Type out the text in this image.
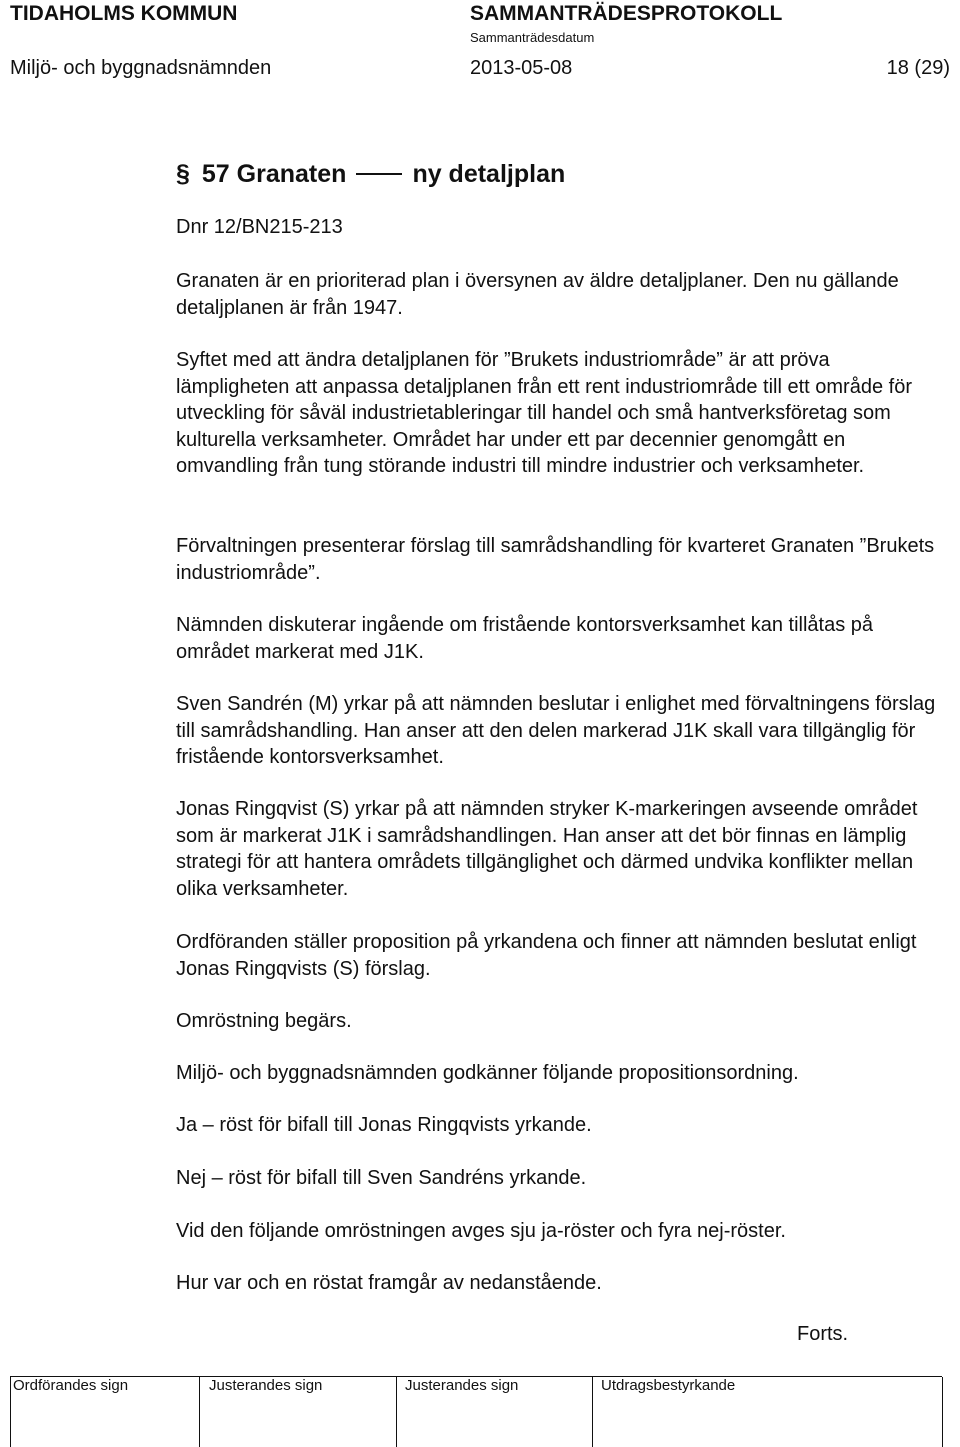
TIDAHOLMS KOMMUN	SAMMANTRÄDESPROTOKOLL
Sammanträdesdatum
Miljö- och byggnadsnämnden	2013-05-08	18 (29)
§ 57 Granaten	ny detaljplan
Dnr 12/BN215-213

Granaten är en prioriterad plan i översynen av äldre detaljplaner. Den nu gällande detaljplanen är från 1947.

Syftet med att ändra detaljplanen för ”Brukets industriområde” är att pröva lämpligheten att anpassa detaljplanen från ett rent industriområde till ett område för utveckling för såväl industrietableringar till handel och små hantverksföretag som kulturella verksamheter. Området har under ett par decennier genomgått en omvandling från tung störande industri till mindre industrier och verksamheter.

Förvaltningen presenterar förslag till samrådshandling för kvarteret Granaten ”Brukets industriområde”.

Nämnden diskuterar ingående om fristående kontorsverksamhet kan tillåtas på området markerat med J1K.

Sven Sandrén (M) yrkar på att nämnden beslutar i enlighet med förvaltningens förslag till samrådshandling. Han anser att den delen markerad J1K skall vara tillgänglig för fristående kontorsverksamhet.

Jonas Ringqvist (S) yrkar på att nämnden stryker K-markeringen avseende området som är markerat J1K i samrådshandlingen. Han anser att det bör finnas en lämplig strategi för att hantera områdets tillgänglighet och därmed undvika konflikter mellan olika verksamheter.

Ordföranden ställer proposition på yrkandena och finner att nämnden beslutat enligt Jonas Ringqvists (S) förslag.

Omröstning begärs.

Miljö- och byggnadsnämnden godkänner följande propositionsordning.

Ja – röst för bifall till Jonas Ringqvists yrkande.

Nej – röst för bifall till Sven Sandréns yrkande.

Vid den följande omröstningen avges sju ja-röster och fyra nej-röster.

Hur var och en röstat framgår av nedanstående.

Forts.
Ordförandes sign	Justerandes sign	Justerandes sign	Utdragsbestyrkande
